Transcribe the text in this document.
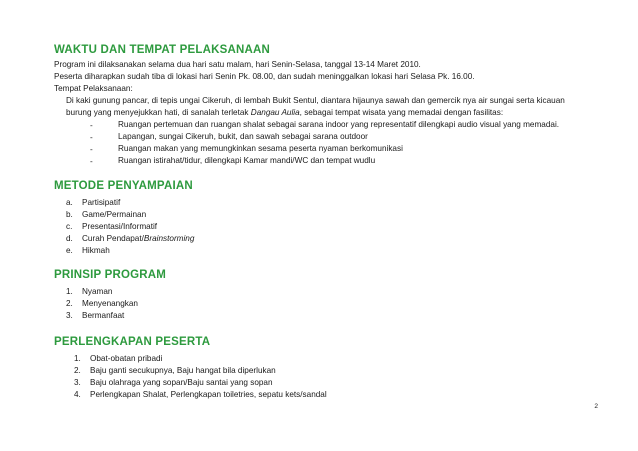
WAKTU DAN TEMPAT PELAKSANAAN
Program ini dilaksanakan selama dua hari satu malam, hari Senin-Selasa, tanggal 13-14 Maret 2010.
Peserta diharapkan sudah tiba di lokasi hari Senin Pk. 08.00, dan sudah meninggalkan lokasi hari Selasa Pk. 16.00.
Tempat Pelaksanaan:
Di kaki gunung pancar, di tepis ungai Cikeruh, di lembah Bukit Sentul, diantara hijaunya sawah dan gemercik nya air sungai serta kicauan
burung yang menyejukkan hati, di sanalah terletak Dangau Aulia, sebagai tempat wisata yang memadai dengan fasilitas:
-	Ruangan pertemuan dan ruangan shalat sebagai sarana indoor yang representatif dilengkapi audio visual yang memadai.
-	Lapangan, sungai Cikeruh, bukit, dan sawah sebagai sarana outdoor
-	Ruangan makan yang memungkinkan sesama peserta nyaman berkomunikasi
-	Ruangan istirahat/tidur, dilengkapi Kamar mandi/WC dan tempat wudlu
METODE PENYAMPAIAN
a. Partisipatif
b. Game/Permainan
c. Presentasi/Informatif
d. Curah Pendapat/Brainstorming
e. Hikmah
PRINSIP PROGRAM
1. Nyaman
2. Menyenangkan
3. Bermanfaat
PERLENGKAPAN PESERTA
1. Obat-obatan pribadi
2. Baju ganti secukupnya, Baju hangat bila diperlukan
3. Baju olahraga yang sopan/Baju santai yang sopan
4. Perlengkapan Shalat, Perlengkapan toiletries, sepatu kets/sandal
2
